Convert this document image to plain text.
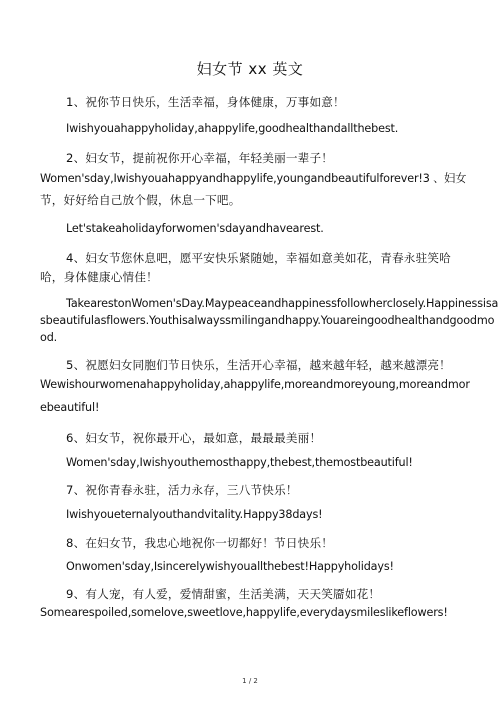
妇女节 xx 英文
1、祝你节日快乐，生活幸福，身体健康，万事如意！
Iwishyouahappyholiday,ahappylife,goodhealthandallthebest.
2、妇女节，提前祝你开心幸福，年轻美丽一辈子！
Women'sday,Iwishyouahappyandhappylife,youngandbeautifulforever!3 、妇女
节，好好给自己放个假，休息一下吧。
Let'stakeaholidayforwomen'sdayandhavearest.
4、妇女节您休息吧，愿平安快乐紧随她，幸福如意美如花，青春永驻笑哈
哈，身体健康心情佳！
TakearestonWomen'sDay.Maypeaceandhappinessfollowherclosely.Happinessisa
sbeautifulasflowers.Youthisalwayssmilingandhappy.Youareingoodhealthandgoodmo
od.
5、祝愿妇女同胞们节日快乐，生活开心幸福，越来越年轻，越来越漂亮！
Wewishourwomenahappyholiday,ahappylife,moreandmoreyoung,moreandmor
ebeautiful!
6、妇女节，祝你最开心，最如意，最最最美丽！
Women'sday,Iwishyouthemosthappy,thebest,themostbeautiful!
7、祝你青春永驻，活力永存，三八节快乐！
Iwishyoueternalyouthandvitality.Happy38days!
8、在妇女节，我忠心地祝你一切都好！节日快乐！
Onwomen'sday,Isincerelywishyouallthebest!Happyholidays!
9、有人宠，有人爱，爱情甜蜜，生活美满，天天笑靥如花！
Somearespoiled,somelove,sweetlove,happylife,everydaysmileslikeflowers!
1 / 2
